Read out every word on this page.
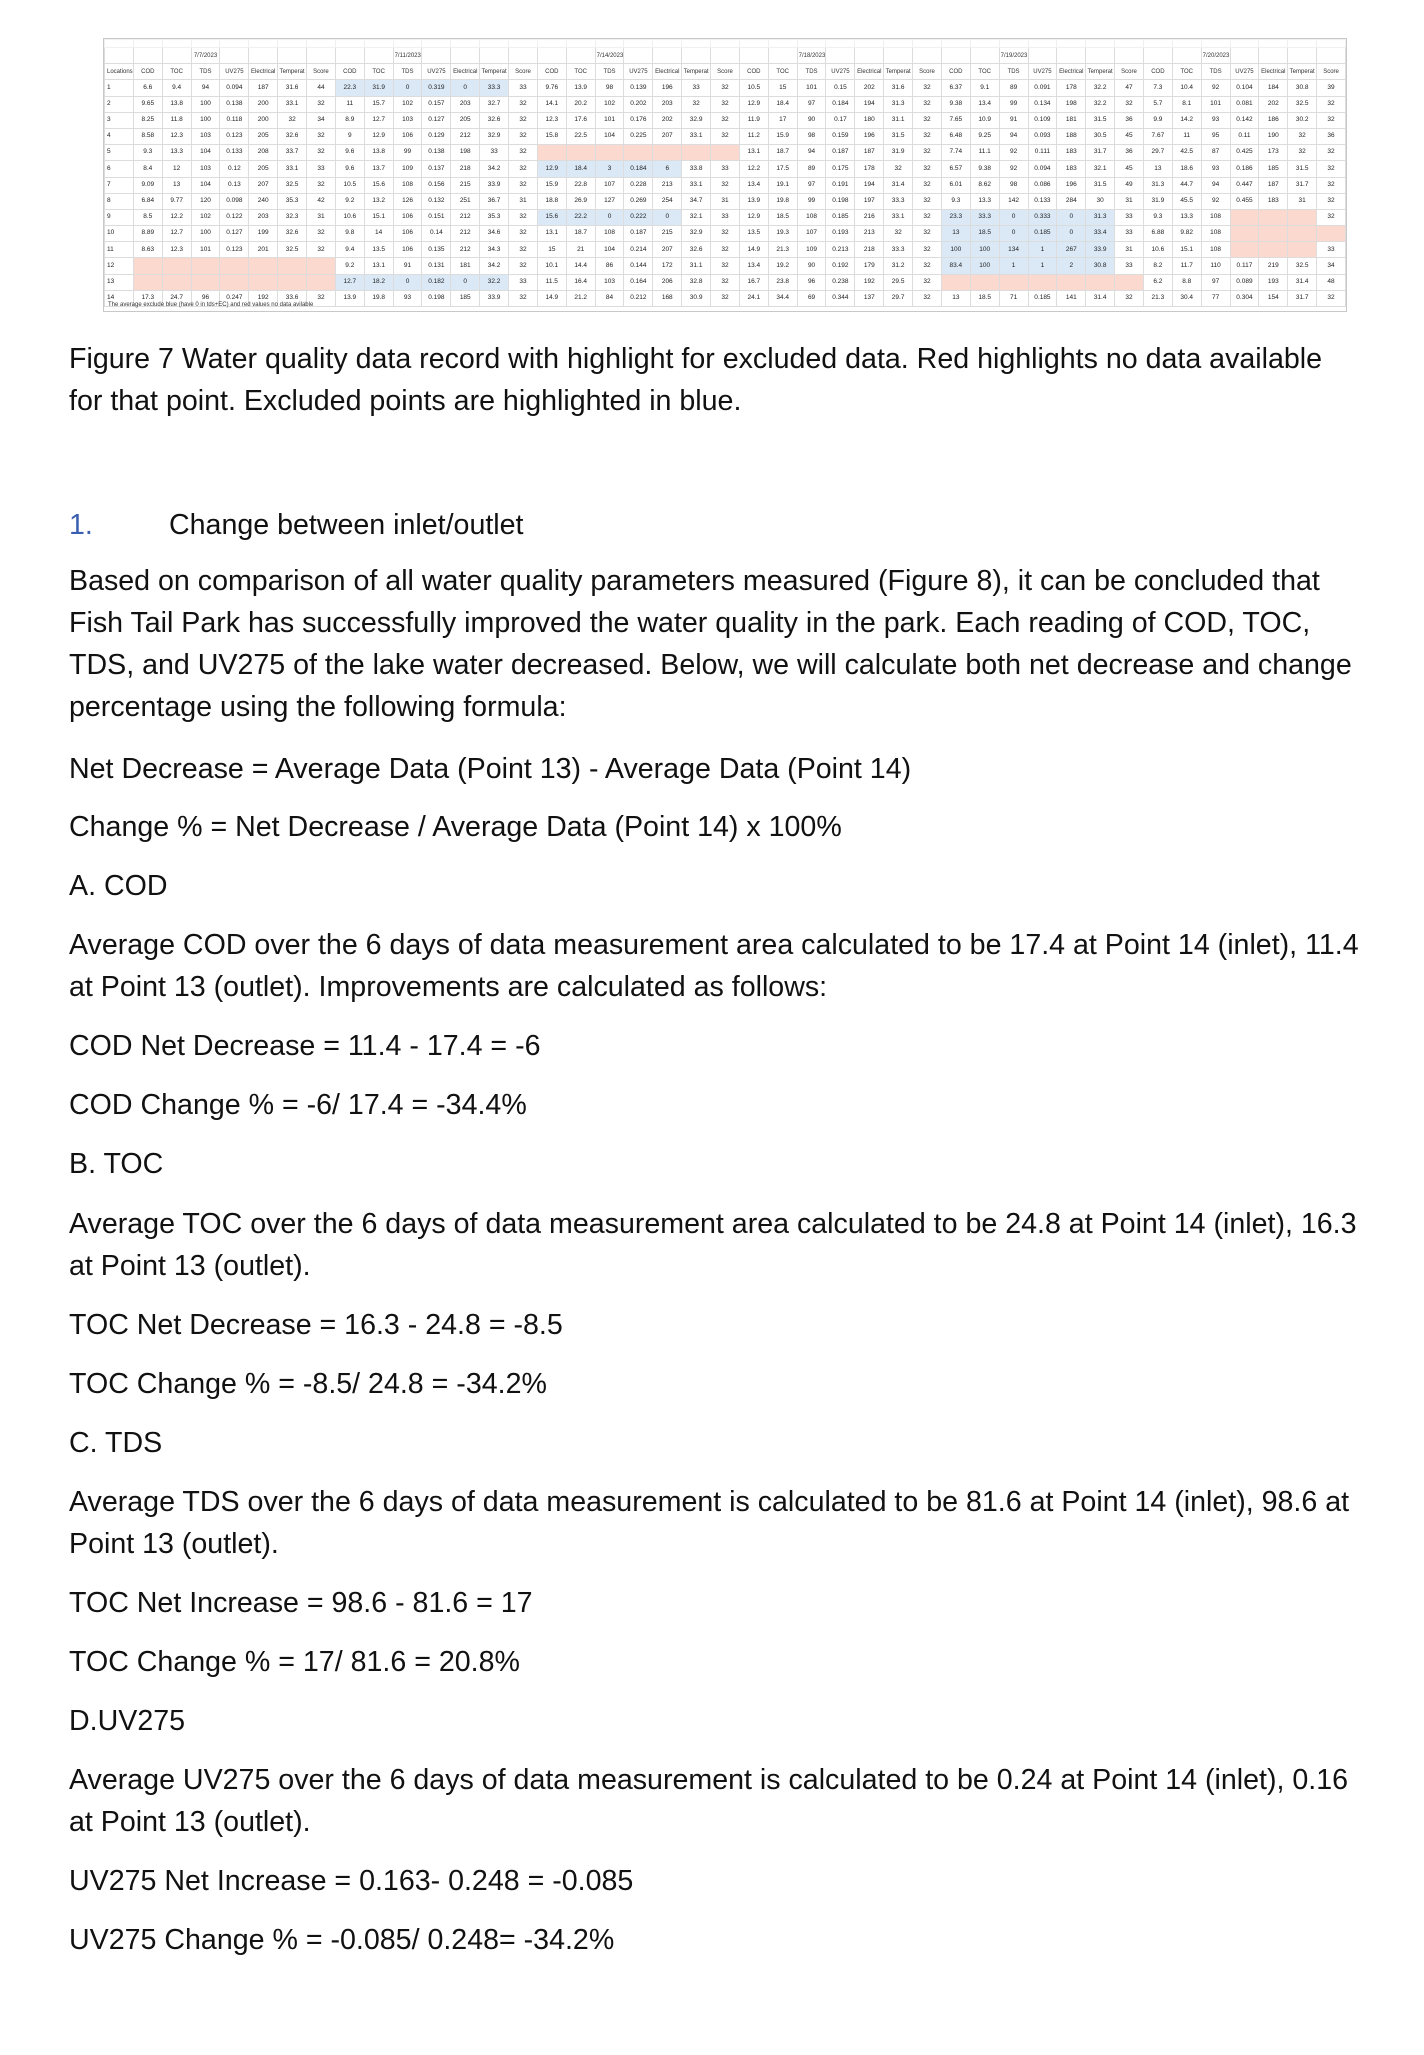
			7/7/2023							7/11/2023							7/14/2023							7/18/2023							7/19/2023							7/20/2023				
Locations	COD	TOC	TDS	UV275	Electrical	Temperat	Score	COD	TOC	TDS	UV275	Electrical	Temperat	Score	COD	TOC	TDS	UV275	Electrical	Temperat	Score	COD	TOC	TDS	UV275	Electrical	Temperat	Score	COD	TOC	TDS	UV275	Electrical	Temperat	Score	COD	TOC	TDS	UV275	Electrical	Temperat	Score
1	6.6	9.4	94	0.094	187	31.6	44	22.3	31.9	0	0.319	0	33.3	33	9.76	13.9	98	0.139	196	33	32	10.5	15	101	0.15	202	31.6	32	6.37	9.1	89	0.091	178	32.2	47	7.3	10.4	92	0.104	184	30.8	39
2	9.65	13.8	100	0.138	200	33.1	32	11	15.7	102	0.157	203	32.7	32	14.1	20.2	102	0.202	203	32	32	12.9	18.4	97	0.184	194	31.3	32	9.38	13.4	99	0.134	198	32.2	32	5.7	8.1	101	0.081	202	32.5	32
3	8.25	11.8	100	0.118	200	32	34	8.9	12.7	103	0.127	205	32.6	32	12.3	17.6	101	0.176	202	32.9	32	11.9	17	90	0.17	180	31.1	32	7.65	10.9	91	0.109	181	31.5	36	9.9	14.2	93	0.142	186	30.2	32
4	8.58	12.3	103	0.123	205	32.6	32	9	12.9	106	0.129	212	32.9	32	15.8	22.5	104	0.225	207	33.1	32	11.2	15.9	98	0.159	196	31.5	32	6.48	9.25	94	0.093	188	30.5	45	7.67	11	95	0.11	190	32	36
5	9.3	13.3	104	0.133	208	33.7	32	9.6	13.8	99	0.138	198	33	32								13.1	18.7	94	0.187	187	31.9	32	7.74	11.1	92	0.111	183	31.7	36	29.7	42.5	87	0.425	173	32	32
6	8.4	12	103	0.12	205	33.1	33	9.6	13.7	109	0.137	218	34.2	32	12.9	18.4	3	0.184	6	33.8	33	12.2	17.5	89	0.175	178	32	32	6.57	9.38	92	0.094	183	32.1	45	13	18.6	93	0.186	185	31.5	32
7	9.09	13	104	0.13	207	32.5	32	10.5	15.6	108	0.156	215	33.9	32	15.9	22.8	107	0.228	213	33.1	32	13.4	19.1	97	0.191	194	31.4	32	6.01	8.62	98	0.086	196	31.5	49	31.3	44.7	94	0.447	187	31.7	32
8	6.84	9.77	120	0.098	240	35.3	42	9.2	13.2	126	0.132	251	36.7	31	18.8	26.9	127	0.269	254	34.7	31	13.9	19.8	99	0.198	197	33.3	32	9.3	13.3	142	0.133	284	30	31	31.9	45.5	92	0.455	183	31	32
9	8.5	12.2	102	0.122	203	32.3	31	10.6	15.1	106	0.151	212	35.3	32	15.6	22.2	0	0.222	0	32.1	33	12.9	18.5	108	0.185	216	33.1	32	23.3	33.3	0	0.333	0	31.3	33	9.3	13.3	108				32
10	8.89	12.7	100	0.127	199	32.6	32	9.8	14	106	0.14	212	34.6	32	13.1	18.7	108	0.187	215	32.9	32	13.5	19.3	107	0.193	213	32	32	13	18.5	0	0.185	0	33.4	33	6.88	9.82	108				
11	8.63	12.3	101	0.123	201	32.5	32	9.4	13.5	106	0.135	212	34.3	32	15	21	104	0.214	207	32.6	32	14.9	21.3	109	0.213	218	33.3	32	100	100	134	1	267	33.9	31	10.6	15.1	108				33
12								9.2	13.1	91	0.131	181	34.2	32	10.1	14.4	86	0.144	172	31.1	32	13.4	19.2	90	0.192	179	31.2	32	83.4	100	1	1	2	30.8	33	8.2	11.7	110	0.117	219	32.5	34
13								12.7	18.2	0	0.182	0	32.2	33	11.5	16.4	103	0.164	206	32.8	32	16.7	23.8	96	0.238	192	29.5	32								6.2	8.8	97	0.089	193	31.4	48
14	17.3	24.7	96	0.247	192	33.6	32	13.9	19.8	93	0.198	185	33.9	32	14.9	21.2	84	0.212	168	30.9	32	24.1	34.4	69	0.344	137	29.7	32	13	18.5	71	0.185	141	31.4	32	21.3	30.4	77	0.304	154	31.7	32
The average exclude blue (have 0 in tds+EC) and red values no data avilable
Figure 7 Water quality data record with highlight for excluded data. Red highlights no data available for that point. Excluded points are highlighted in blue.
1.	Change between inlet/outlet
Based on comparison of all water quality parameters measured (Figure 8), it can be concluded that Fish Tail Park has successfully improved the water quality in the park. Each reading of COD, TOC, TDS, and UV275 of the lake water decreased. Below, we will calculate both net decrease and change percentage using the following formula:
Net Decrease = Average Data (Point 13) - Average Data (Point 14)
Change % = Net Decrease / Average Data (Point 14) x 100%
A. COD
Average COD over the 6 days of data measurement area calculated to be 17.4 at Point 14 (inlet), 11.4 at Point 13 (outlet). Improvements are calculated as follows:
COD Net Decrease = 11.4 - 17.4 = -6
COD Change % = -6/ 17.4 = -34.4%
B. TOC
Average TOC over the 6 days of data measurement area calculated to be 24.8 at Point 14 (inlet), 16.3 at Point 13 (outlet).
TOC Net Decrease = 16.3 - 24.8 = -8.5
TOC Change % = -8.5/ 24.8 = -34.2%
C. TDS
Average TDS over the 6 days of data measurement is calculated to be 81.6 at Point 14 (inlet), 98.6 at Point 13 (outlet).
TOC Net Increase = 98.6 - 81.6 = 17
TOC Change % = 17/ 81.6 = 20.8%
D.UV275
Average UV275 over the 6 days of data measurement is calculated to be 0.24 at Point 14 (inlet), 0.16 at Point 13 (outlet).
UV275 Net Increase = 0.163- 0.248 = -0.085
UV275 Change % = -0.085/ 0.248= -34.2%
